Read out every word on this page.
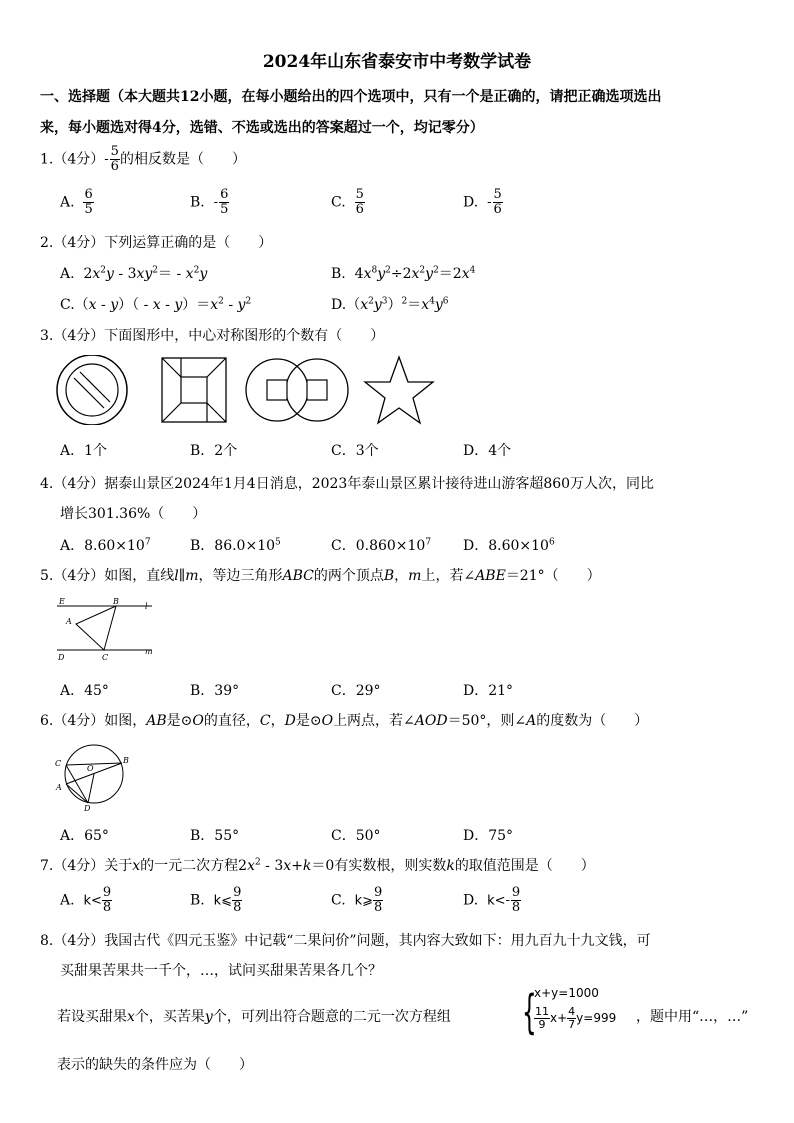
2024年山东省泰安市中考数学试卷
一、选择题（本大题共12小题，在每小题给出的四个选项中，只有一个是正确的，请把正确选项选出
来，每小题选对得4分，选错、不选或选出的答案超过一个，均记零分）
1.（4分）- $\frac{5}{6}$ 的相反数是（　　）
A. $\frac{6}{5}$	B. - $\frac{6}{5}$	C. $\frac{5}{6}$	D. - $\frac{5}{6}$
2.（4分）下列运算正确的是（　　）
A.  $2x^2y - 3xy^2= - x^2y$	B.  $4x^8y^2\div 2x^2y^2=2x^4$
$C.(x - y)( - x - y)=x^2 - y^2$	$D.(x^2y^3)^2=x^4y^6$
3.（4分）下面图形中，中心对称图形的个数有（　　）
A．1个	B．2个	C．3个	D．4个
4.（4分）据泰山景区2024年1月4日消息，2023年泰山景区累计接待进山游客超860万人次，同比
增长301.36%（　　）
A．$8.60\times 10^7$	B．$86.0\times 10^5$	C．$0.860\times 10^7$ D．$8.60\times 10^6$
5.（4分）如图，直线l∥m，等边三角形ABC的两个顶点B，m上，若∠ABE＝21°（　　）
E	B
l
A
D	C
m
A．45°	B．39°	C．29°	D．21°
6.（4分）如图，AB是⊙O的直径，C，D是⊙O上两点，若∠AOD＝50°，则∠A的度数为（　　）
C
O
B
A
D
A．65°	B．55°	C．50°	D．75°
7.（4分）关于x的一元二次方程$2x^2 - 3x+k=0$有实数根，则实数k的取值范围是（　　）
A. $k< \frac{9}{8}$	B. k⩽ $\frac{9}{8}$	C. k⩾ $\frac{9}{8}$	D. $k<- \frac{9}{8}$
8.（4分）我国古代《四元玉鉴》中记载“二果问价”问题，其内容大致如下：用九百九十九文钱，可
买甜果苦果共一千个，…，试问买甜果苦果各几个？
若设买甜果x个，买苦果y个，可列出符合题意的二元一次方程组 {
x+y=1000
$\frac{11}{9} x+ \frac{4}{7} y=999$ ，题中用“…，…”
表示的缺失的条件应为（　　）
